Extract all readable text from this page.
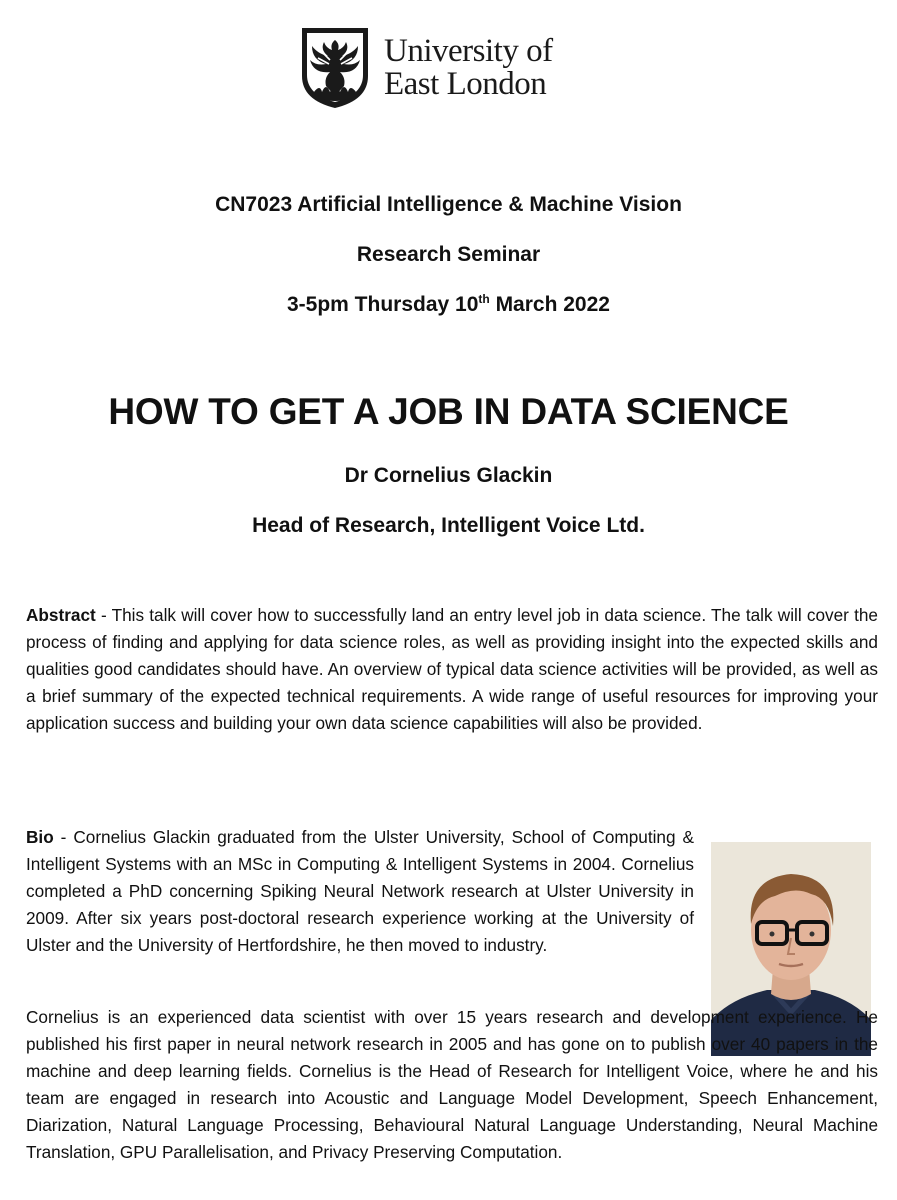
University of
East London
CN7023 Artificial Intelligence & Machine Vision
Research Seminar
3-5pm Thursday 10th March 2022
HOW TO GET A JOB IN DATA SCIENCE
Dr Cornelius Glackin
Head of Research, Intelligent Voice Ltd.
Abstract - This talk will cover how to successfully land an entry level job in data science. The talk will cover the process of finding and applying for data science roles, as well as providing insight into the expected skills and qualities good candidates should have. An overview of typical data science activities will be provided, as well as a brief summary of the expected technical requirements. A wide range of useful resources for improving your application success and building your own data science capabilities will also be provided.
Bio - Cornelius Glackin graduated from the Ulster University, School of Computing & Intelligent Systems with an MSc in Computing & Intelligent Systems in 2004. Cornelius completed a PhD concerning Spiking Neural Network research at Ulster University in 2009. After six years post-doctoral research experience working at the University of Ulster and the University of Hertfordshire, he then moved to industry.
Cornelius is an experienced data scientist with over 15 years research and development experience. He published his first paper in neural network research in 2005 and has gone on to publish over 40 papers in the machine and deep learning fields. Cornelius is the Head of Research for Intelligent Voice, where he and his team are engaged in research into Acoustic and Language Model Development, Speech Enhancement, Diarization, Natural Language Processing, Behavioural Natural Language Understanding, Neural Machine Translation, GPU Parallelisation, and Privacy Preserving Computation.
